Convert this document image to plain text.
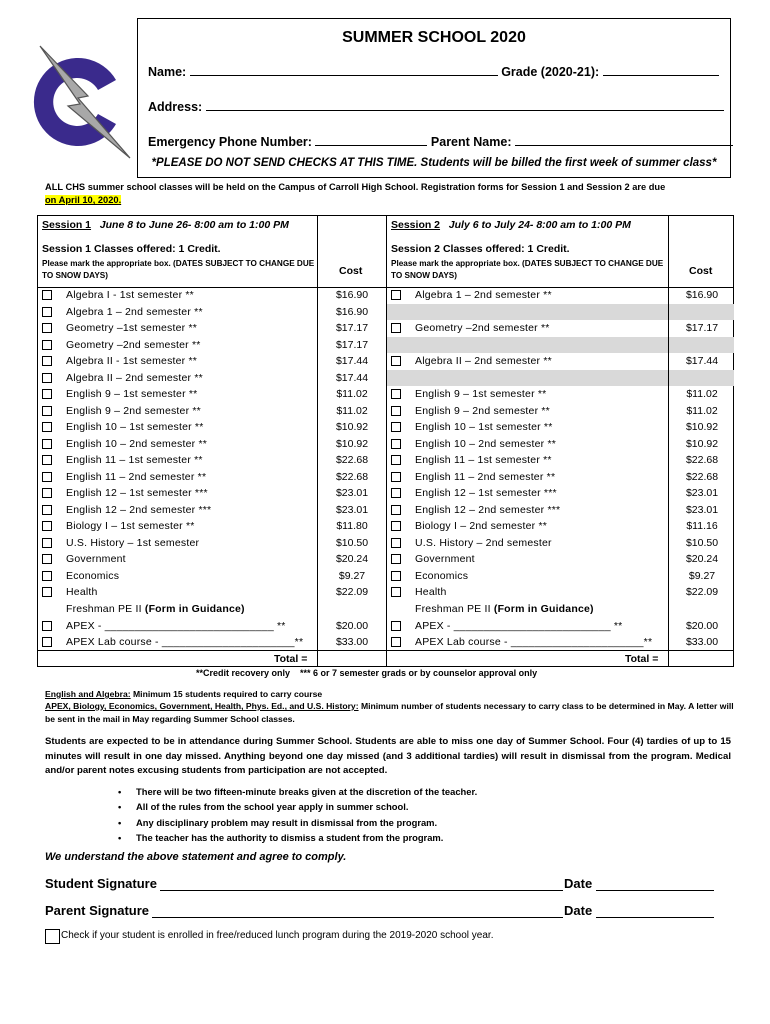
SUMMER SCHOOL 2020
Name:	Grade (2020-21):
Address:
Emergency Phone Number:	Parent Name:
*PLEASE DO NOT SEND CHECKS AT THIS TIME. Students will be billed the first week of summer class*
ALL CHS summer school classes will be held on the Campus of Carroll High School. Registration forms for Session 1 and Session 2 are due
on April 10, 2020.
Session 1 June 8 to June 26- 8:00 am to 1:00 PM
Session 1 Classes offered: 1 Credit.
Please mark the appropriate box. (DATES SUBJECT TO CHANGE DUE TO SNOW DAYS)	Cost
Session 2 July 6 to July 24- 8:00 am to 1:00 PM
Session 2 Classes offered: 1 Credit.
Please mark the appropriate box. (DATES SUBJECT TO CHANGE DUE TO SNOW DAYS)	Cost
Algebra I - 1st semester **	$16.90
Algebra 1 – 2nd semester **	$16.90
Geometry –1st semester **	$17.17
Geometry –2nd semester **	$17.17
Algebra II - 1st semester **	$17.44
Algebra II – 2nd semester **	$17.44
English 9 – 1st semester **	$11.02
English 9 – 2nd semester **	$11.02
English 10 – 1st semester **	$10.92
English 10 – 2nd semester **	$10.92
English 11 – 1st semester **	$22.68
English 11 – 2nd semester **	$22.68
English 12 – 1st semester ***	$23.01
English 12 – 2nd semester ***	$23.01
Biology I – 1st semester **	$11.80
U.S. History – 1st semester	$10.50
Government	$20.24
Economics	$9.27
Health	$22.09
Algebra 1 – 2nd semester **	$16.90
Geometry –2nd semester **	$17.17
Algebra II – 2nd semester **	$17.44
English 9 – 1st semester **	$11.02
English 9 – 2nd semester **	$11.02
English 10 – 1st semester **	$10.92
English 10 – 2nd semester **	$10.92
English 11 – 1st semester **	$22.68
English 11 – 2nd semester **	$22.68
English 12 – 1st semester ***	$23.01
English 12 – 2nd semester ***	$23.01
Biology I – 2nd semester **	$11.16
U.S. History – 2nd semester	$10.50
Government	$20.24
Economics	$9.27
Health	$22.09
Freshman PE II (Form in Guidance)
APEX - ____________________________ **	$20.00
APEX Lab course - ______________________**	$33.00
Total =
Freshman PE II (Form in Guidance)
APEX - __________________________ **	$20.00
APEX Lab course - ______________________**	$33.00
Total =
**Credit recovery only *** 6 or 7 semester grads or by counselor approval only
English and Algebra: Minimum 15 students required to carry course
APEX, Biology, Economics, Government, Health, Phys. Ed., and U.S. History: Minimum number of students necessary to carry class to be determined in May. A letter will be sent in the mail in May regarding Summer School classes.
Students are expected to be in attendance during Summer School. Students are able to miss one day of Summer School. Four (4) tardies of up to 15 minutes will result in one day missed. Anything beyond one day missed (and 3 additional tardies) will result in dismissal from the program. Medical and/or parent notes excusing students from participation are not accepted.
• There will be two fifteen-minute breaks given at the discretion of the teacher.
• All of the rules from the school year apply in summer school.
• Any disciplinary problem may result in dismissal from the program.
• The teacher has the authority to dismiss a student from the program.
We understand the above statement and agree to comply.
Student Signature	Date
Parent Signature	Date
Check if your student is enrolled in free/reduced lunch program during the 2019-2020 school year.
